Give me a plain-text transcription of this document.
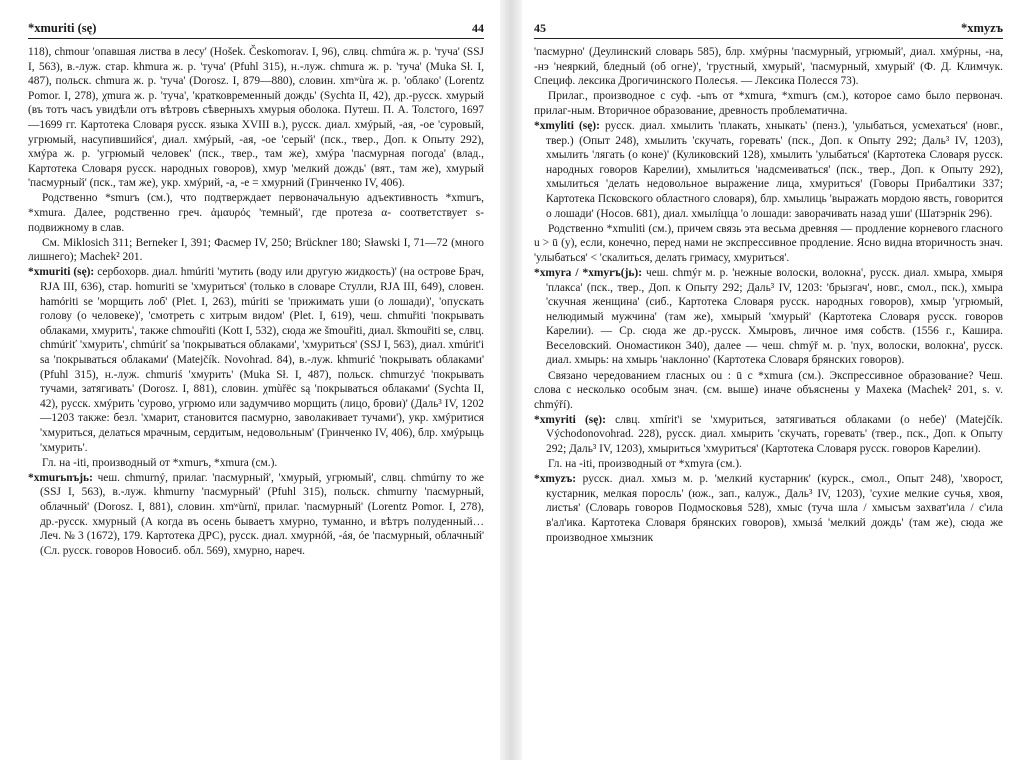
*xmuriti (sę)	44

118), chmour 'опавшая листва в лесу' (Hošek. Českomorav. I, 96), слвц. chmúra ж. р. 'туча' (SSJ I, 563), в.-луж. стар. khmura ж. р. 'туча' (Pfuhl 315), н.-луж. chmura ж. р. 'туча' (Muka Sł. I, 487), польск. chmura ж. р. 'туча' (Dorosz. I, 879—880), словин. xmʷùra ж. р. 'облако' (Lorentz Pomor. I, 278), χmura ж. р. 'туча', 'кратковременный дождь' (Sychta II, 42), др.-русск. хмурый (въ тотъ часъ увидѣли отъ вѣтровъ сѣверныхъ хмурыя оболока. Путеш. П. А. Толстого, 1697—1699 гг. Картотека Словаря русск. языка XVIII в.), русск. диал. хмýрый, -ая, -ое 'суровый, угрюмый, насупившийся', диал. хмýрый, -ая, -ое 'серый' (пск., твер., Доп. к Опыту 292), хмýра ж. р. 'угрюмый человек' (пск., твер., там же), хмýра 'пасмурная погода' (влад., Картотека Словаря русск. народных говоров), хмур 'мелкий дождь' (вят., там же), хмурый 'пасмурный' (пск., там же), укр. хмýрий, -а, -е = хмурний (Гринченко IV, 406).

Родственно *smurъ (см.), что подтверждает первоначальную адъективность *xmurъ, *xmura. Далее, родственно греч. ἀμαυρός 'темный', где протеза α- соответствует s- подвижному в слав.

См. Miklosich 311; Berneker I, 391; Фасмер IV, 250; Brückner 180; Sławski I, 71—72 (много лишнего); Machek² 201.

*xmuriti (sę): сербохорв. диал. hmúriti 'мутить (воду или другую жидкость)' (на острове Брач, RJA III, 636), стар. homuriti se 'хмуриться' (только в словаре Стулли, RJA III, 649), словен. hamóriti se 'морщить лоб' (Plet. I, 263), múriti se 'прижимать уши (о лошади)', 'опускать голову (о человеке)', 'смотреть с хитрым видом' (Plet. I, 619), чеш. chmuřiti 'покрывать облаками, хмурить', также chmouřiti (Kott I, 532), сюда же šmouřiti, диал. škmouřiti se, слвц. chmúriť 'хмурить', chmúriť sa 'покрываться облаками', 'хмуриться' (SSJ I, 563), диал. xmúrit'i sa 'покрываться облаками' (Matejčík. Novohrad. 84), в.-луж. khmurić 'покрывать облаками' (Pfuhl 315), н.-луж. chmuriś 'хмурить' (Muka Sł. I, 487), польск. chmurzyć 'покрывать тучами, затягивать' (Dorosz. I, 881), словин. χmùřëc są 'покрываться облаками' (Sychta II, 42), русск. хмýрить 'сурово, угрюмо или задумчиво морщить (лицо, брови)' (Даль³ IV, 1202—1203 также: безл. 'хмарит, становится пасмурно, заволакивает тучами'), укр. хмýритися 'хмуриться, делаться мрачным, сердитым, недовольным' (Гринченко IV, 406), блр. хмýрыць 'хмурить'.

Гл. на -iti, производный от *xmurъ, *xmura (см.).

*xmurьnъjь: чеш. chmurný, прилаг. 'пасмурный', 'хмурый, угрюмый', слвц. chmúrny то же (SSJ I, 563), в.-луж. khmurny 'пасмурный' (Pfuhl 315), польск. chmurny 'пасмурный, облачный' (Dorosz. I, 881), словин. xmʷùrnï, прилаг. 'пасмурный' (Lorentz Pomor. I, 278), др.-русск. хмурный (А когда въ осень бываетъ хмурно, туманно, и вѣтръ полуденный… Леч. № 3 (1672), 179. Картотека ДРС), русск. диал. хмурнóй, -áя, óе 'пасмурный, облачный' (Сл. русск. говоров Новосиб. обл. 569), хмурно, нареч.

45	*xmyzъ

'пасмурно' (Деулинский словарь 585), блр. хмýрны 'пасмурный, угрюмый', диал. хмýрны, -на, -нэ 'неяркий, бледный (об огне)', 'грустный, хмурый', 'пасмурный, хмурый' (Ф. Д. Климчук. Специф. лексика Дрогичинского Полесья. — Лексика Полесся 73).

Прилаг., производное с суф. -ьnъ от *xmura, *xmurъ (см.), которое само было первонач. прилаг-ным. Вторичное образование, древность проблематична.

*xmyliti (sę): русск. диал. хмылить 'плакать, хныкать' (пенз.), 'улыбаться, усмехаться' (новг., твер.) (Опыт 248), хмылить 'скучать, горевать' (пск., Доп. к Опыту 292; Даль³ IV, 1203), хмылить 'лягать (о коне)' (Куликовский 128), хмылить 'улыбаться' (Картотека Словаря русск. народных говоров Карелии), хмылиться 'надсмеиваться' (пск., твер., Доп. к Опыту 292), хмылиться 'делать недовольное выражение лица, хмуриться' (Говоры Прибалтики 337; Картотека Псковского областного словаря), блр. хмылиць 'выражать мордою явсть, говорится о лошади' (Носов. 681), диал. хмылíцца 'о лошади: заворачивать назад уши' (Шатэрнік 296).

Родственно *xmuliti (см.), причем связь эта весьма древняя — продление корневого гласного u > ū (y), если, конечно, перед нами не экспрессивное продление. Ясно видна вторичность знач. 'улыбаться' < 'скалиться, делать гримасу, хмуриться'.

*xmyra / *xmyrъ(jь): чеш. chmýr м. р. 'нежные волоски, волокна', русск. диал. хмыра, хмыря 'плакса' (пск., твер., Доп. к Опыту 292; Даль³ IV, 1203: 'брызгач', новг., смол., пск.), хмыра 'скучная женщина' (сиб., Картотека Словаря русск. народных говоров), хмыр 'угрюмый, нелюдимый мужчина' (там же), хмырый 'хмурый' (Картотека Словаря русск. говоров Карелии). — Ср. сюда же др.-русск. Хмыровъ, личное имя собств. (1556 г., Кашира. Веселовский. Ономастикон 340), далее — чеш. chmýř м. р. 'пух, волоски, волокна', русск. диал. хмырь: на хмырь 'наклонно' (Картотека Словаря брянских говоров).

Связано чередованием гласных ou : ū с *xmura (см.). Экспрессивное образование? Чеш. слова с несколько особым знач. (см. выше) иначе объяснены у Махека (Machek² 201, s. v. chmýří).

*xmyriti (sę): слвц. xmírit'i se 'хмуриться, затягиваться облаками (о небе)' (Matejčík. Východonovohrad. 228), русск. диал. хмырить 'скучать, горевать' (твер., пск., Доп. к Опыту 292; Даль³ IV, 1203), хмыриться 'хмуриться' (Картотека Словаря русск. говоров Карелии).

Гл. на -iti, производный от *xmyra (см.).

*xmyzъ: русск. диал. хмыз м. р. 'мелкий кустарник' (курск., смол., Опыт 248), 'хворост, кустарник, мелкая поросль' (юж., зап., калуж., Даль³ IV, 1203), 'сухие мелкие сучья, хвоя, листья' (Словарь говоров Подмосковья 528), хмыс (туча шла / хмысъм захват'ила / с'ила в'ал'ика. Картотека Словаря брянских говоров), хмызá 'мелкий дождь' (там же), сюда же производное хмызник
